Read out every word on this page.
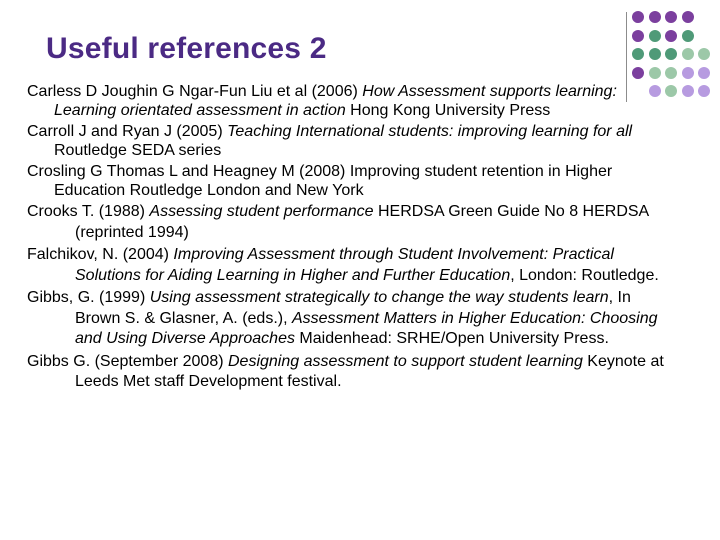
Useful references 2

Carless D Joughin G Ngar-Fun Liu et al (2006) How Assessment supports learning: Learning orientated assessment in action Hong Kong University Press

Carroll J and Ryan J (2005) Teaching International students: improving learning for all Routledge SEDA series

Crosling G Thomas L and Heagney M (2008) Improving student retention in Higher Education Routledge London and New York

Crooks T. (1988) Assessing student performance HERDSA Green Guide No 8 HERDSA (reprinted 1994)

Falchikov, N. (2004) Improving Assessment through Student Involvement: Practical Solutions for Aiding Learning in Higher and Further Education, London: Routledge.

Gibbs, G. (1999) Using assessment strategically to change the way students learn, In Brown S. & Glasner, A. (eds.), Assessment Matters in Higher Education: Choosing and Using Diverse Approaches Maidenhead: SRHE/Open University Press.

Gibbs G. (September 2008) Designing assessment to support student learning Keynote at Leeds Met staff Development festival.
